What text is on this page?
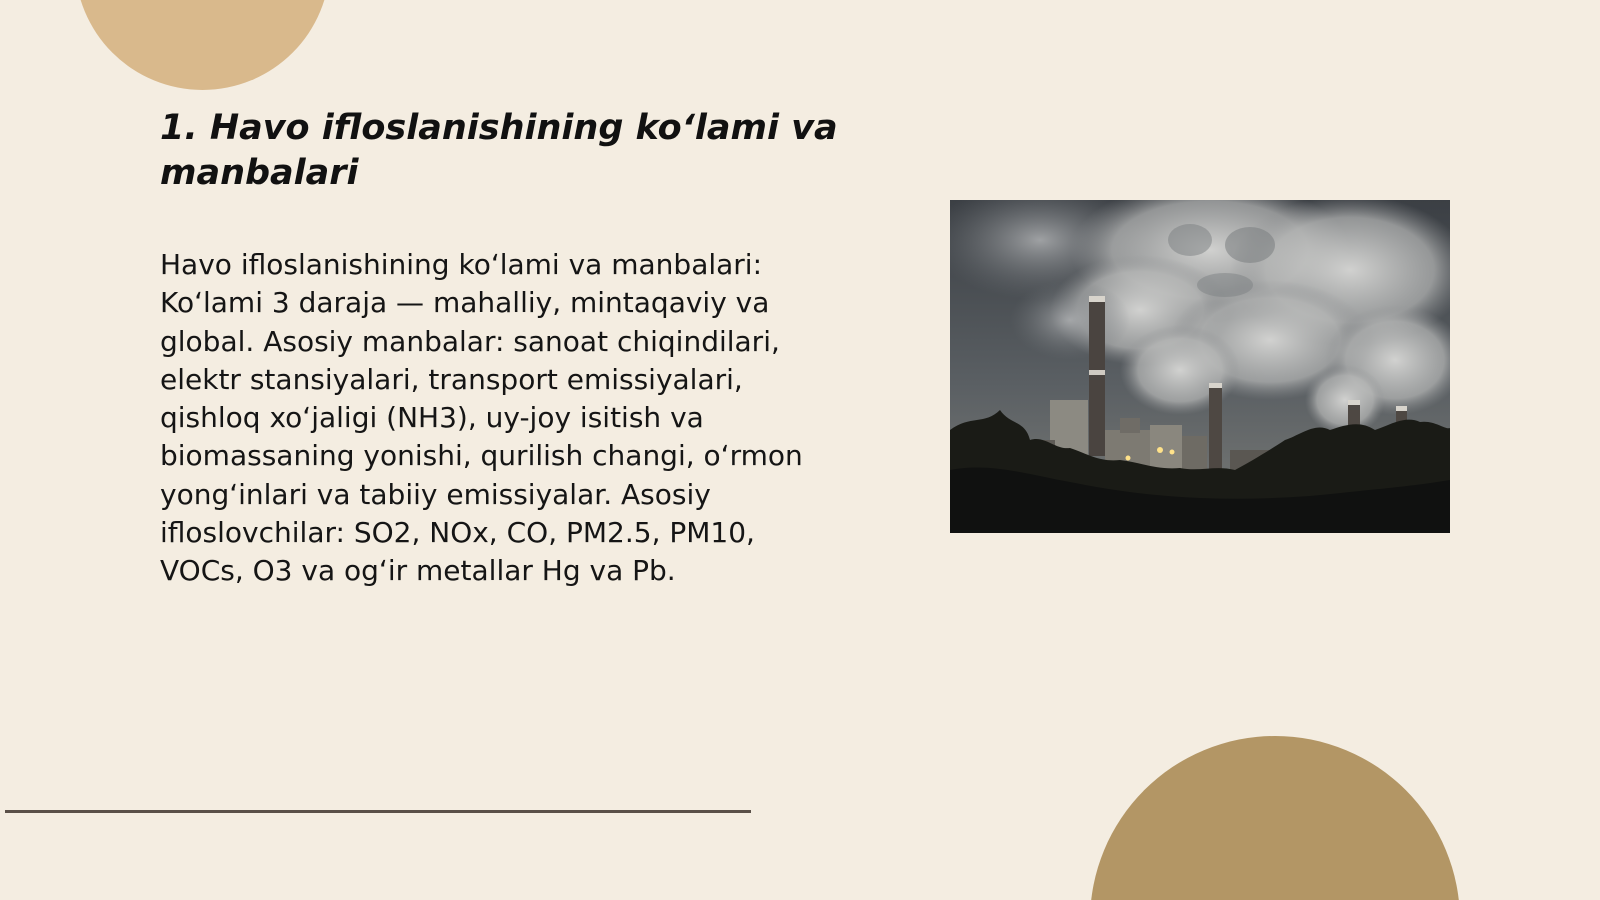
1. Havo ifloslanishining koʻlami va manbalari

Havo ifloslanishining koʻlami va manbalari: Koʻlami 3 daraja — mahalliy, mintaqaviy va global. Asosiy manbalar: sanoat chiqindilari, elektr stansiyalari, transport emissiyalari, qishloq xoʻjaligi (NH3), uy-joy isitish va biomassaning yonishi, qurilish changi, oʻrmon yongʻinlari va tabiiy emissiyalar. Asosiy ifloslovchilar: SO2, NOx, CO, PM2.5, PM10, VOCs, O3 va ogʻir metallar Hg va Pb.
